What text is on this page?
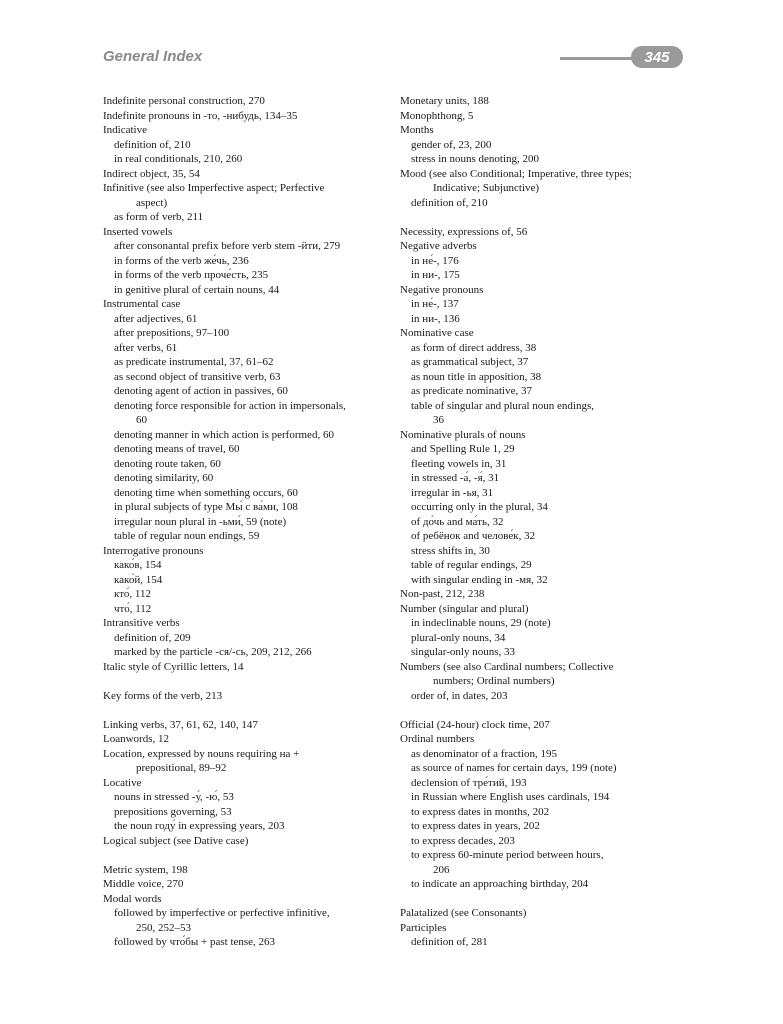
General Index	345
Indefinite personal construction, 270
Indefinite pronouns in -то, -нибудь, 134–35
Indicative
definition of, 210
in real conditionals, 210, 260
Indirect object, 35, 54
Infinitive (see also Imperfective aspect; Perfective
aspect)
as form of verb, 211
Inserted vowels
after consonantal prefix before verb stem -йти, 279
in forms of the verb же́чь, 236
in forms of the verb проче́сть, 235
in genitive plural of certain nouns, 44
Instrumental case
after adjectives, 61
after prepositions, 97–100
after verbs, 61
as predicate instrumental, 37, 61–62
as second object of transitive verb, 63
denoting agent of action in passives, 60
denoting force responsible for action in impersonals,
60
denoting manner in which action is performed, 60
denoting means of travel, 60
denoting route taken, 60
denoting similarity, 60
denoting time when something occurs, 60
in plural subjects of type Мы́ с ва́ми, 108
irregular noun plural in -ьми́, 59 (note)
table of regular noun endings, 59
Interrogative pronouns
како́в, 154
како́й, 154
кто́, 112
что́, 112
Intransitive verbs
definition of, 209
marked by the particle -ся/-сь, 209, 212, 266
Italic style of Cyrillic letters, 14
Key forms of the verb, 213
Linking verbs, 37, 61, 62, 140, 147
Loanwords, 12
Location, expressed by nouns requiring на +
prepositional, 89–92
Locative
nouns in stressed -у́, -ю́, 53
prepositions governing, 53
the noun году́ in expressing years, 203
Logical subject (see Dative case)
Metric system, 198
Middle voice, 270
Modal words
followed by imperfective or perfective infinitive,
250, 252–53
followed by что́бы + past tense, 263
Monetary units, 188
Monophthong, 5
Months
gender of, 23, 200
stress in nouns denoting, 200
Mood (see also Conditional; Imperative, three types;
Indicative; Subjunctive)
definition of, 210
Necessity, expressions of, 56
Negative adverbs
in не́-, 176
in ни-, 175
Negative pronouns
in не́-, 137
in ни-, 136
Nominative case
as form of direct address, 38
as grammatical subject, 37
as noun title in apposition, 38
as predicate nominative, 37
table of singular and plural noun endings,
36
Nominative plurals of nouns
and Spelling Rule 1, 29
fleeting vowels in, 31
in stressed -а́, -я́, 31
irregular in -ья, 31
occurring only in the plural, 34
of до́чь and ма́ть, 32
of ребёнок and челове́к, 32
stress shifts in, 30
table of regular endings, 29
with singular ending in -мя, 32
Non-past, 212, 238
Number (singular and plural)
in indeclinable nouns, 29 (note)
plural-only nouns, 34
singular-only nouns, 33
Numbers (see also Cardinal numbers; Collective
numbers; Ordinal numbers)
order of, in dates, 203
Official (24-hour) clock time, 207
Ordinal numbers
as denominator of a fraction, 195
as source of names for certain days, 199 (note)
declension of тре́тий, 193
in Russian where English uses cardinals, 194
to express dates in months, 202
to express dates in years, 202
to express decades, 203
to express 60-minute period between hours,
206
to indicate an approaching birthday, 204
Palatalized (see Consonants)
Participles
definition of, 281
